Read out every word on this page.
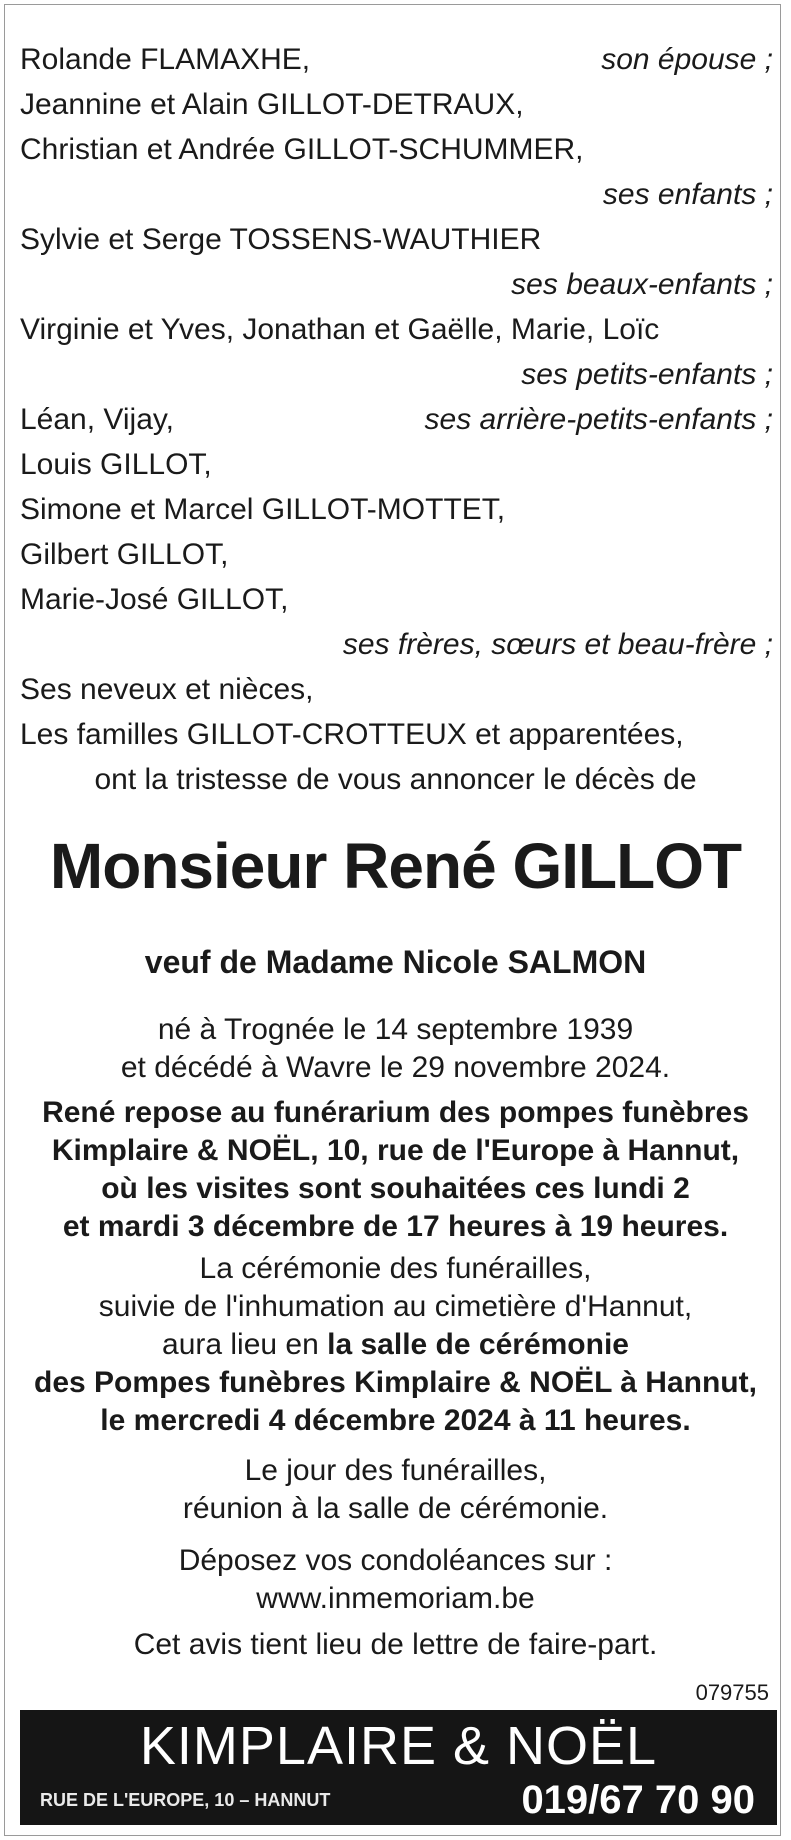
Rolande FLAMAXHE,	son épouse ;
Jeannine et Alain GILLOT-DETRAUX,
Christian et Andrée GILLOT-SCHUMMER,
ses enfants ;
Sylvie et Serge TOSSENS-WAUTHIER
ses beaux-enfants ;
Virginie et Yves, Jonathan et Gaëlle, Marie, Loïc
ses petits-enfants ;
Léan, Vijay,	ses arrière-petits-enfants ;
Louis GILLOT,
Simone et Marcel GILLOT-MOTTET,
Gilbert GILLOT,
Marie-José GILLOT,
ses frères, sœurs et beau-frère ;
Ses neveux et nièces,
Les familles GILLOT-CROTTEUX et apparentées,
ont la tristesse de vous annoncer le décès de
Monsieur René GILLOT
veuf de Madame Nicole SALMON
né à Trognée le 14 septembre 1939
et décédé à Wavre le 29 novembre 2024.
René repose au funérarium des pompes funèbres
Kimplaire & NOËL, 10, rue de l'Europe à Hannut,
où les visites sont souhaitées ces lundi 2
et mardi 3 décembre de 17 heures à 19 heures.
La cérémonie des funérailles,
suivie de l'inhumation au cimetière d'Hannut,
aura lieu en la salle de cérémonie
des Pompes funèbres Kimplaire & NOËL à Hannut,
le mercredi 4 décembre 2024 à 11 heures.
Le jour des funérailles,
réunion à la salle de cérémonie.
Déposez vos condoléances sur :
www.inmemoriam.be
Cet avis tient lieu de lettre de faire-part.
079755
KIMPLAIRE & NOËL
RUE DE L'EUROPE, 10 – HANNUT	019/67 70 90
